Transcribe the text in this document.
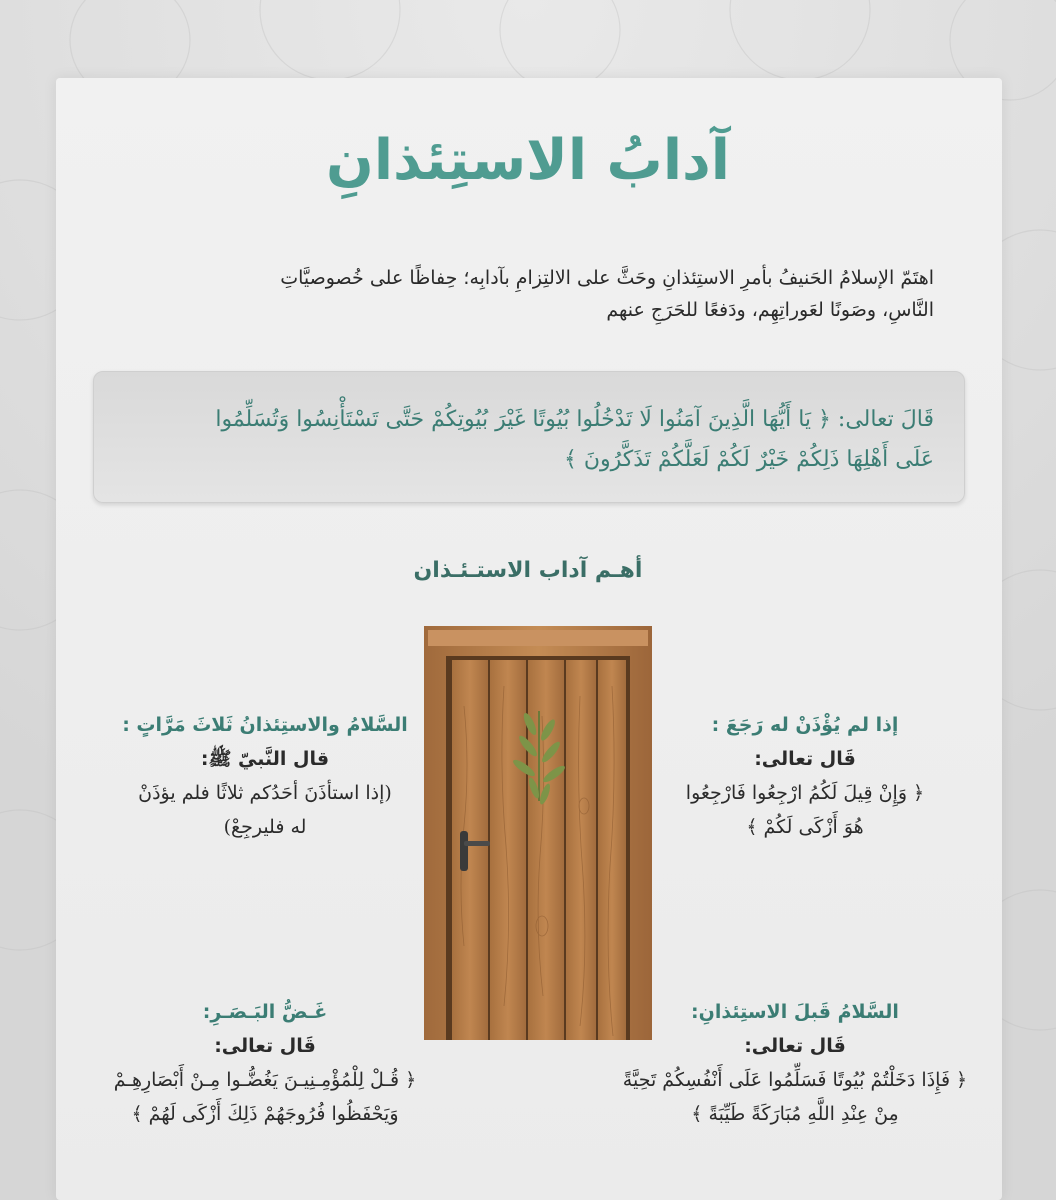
آدابُ الاستِئذانِ
اهتَمّ الإسلامُ الحَنيفُ بأمرِ الاستِئذانِ وحَثَّ على الالتِزامِ بآدابِه؛ حِفاظًا على خُصوصيَّاتِ
النَّاسِ، وصَونًا لعَوراتِهِم، ودَفعًا للحَرَجِ عنهم
قَالَ تعالى: ﴿ يَا أَيُّهَا الَّذِينَ آمَنُوا لَا تَدْخُلُوا بُيُوتًا غَيْرَ بُيُوتِكُمْ حَتَّى تَسْتَأْنِسُوا وَتُسَلِّمُوا
عَلَى أَهْلِهَا ذَلِكُمْ خَيْرٌ لَكُمْ لَعَلَّكُمْ تَذَكَّرُونَ ﴾
أهـم آداب الاستـئـذان
إذا لم يُؤْذَنْ له رَجَعَ :
قَال تعالى:
﴿ وَإِنْ قِيلَ لَكُمُ ارْجِعُوا فَارْجِعُوا
هُوَ أَزْكَى لَكُمْ ﴾
السَّلامُ والاستِئذانُ ثَلاثَ مَرَّاتٍ :
قال النَّبيّ ﷺ:
(إذا استأذَنَ أحَدُكم ثلاثًا فلم يؤذَنْ
له فليرجِعْ)
السَّلامُ قَبلَ الاستِئذانِ:
قَال تعالى:
﴿ فَإِذَا دَخَلْتُمْ بُيُوتًا فَسَلِّمُوا عَلَى أَنْفُسِكُمْ تَحِيَّةً
مِنْ عِنْدِ اللَّهِ مُبَارَكَةً طَيِّبَةً ﴾
غَـضُّ البَـصَـرِ:
قَال تعالى:
﴿ قُـلْ لِلْمُؤْمِـنِيـنَ يَغُضُّـوا مِـنْ أَبْصَارِهِـمْ
وَيَحْفَظُوا فُرُوجَهُمْ ذَلِكَ أَزْكَى لَهُمْ ﴾
